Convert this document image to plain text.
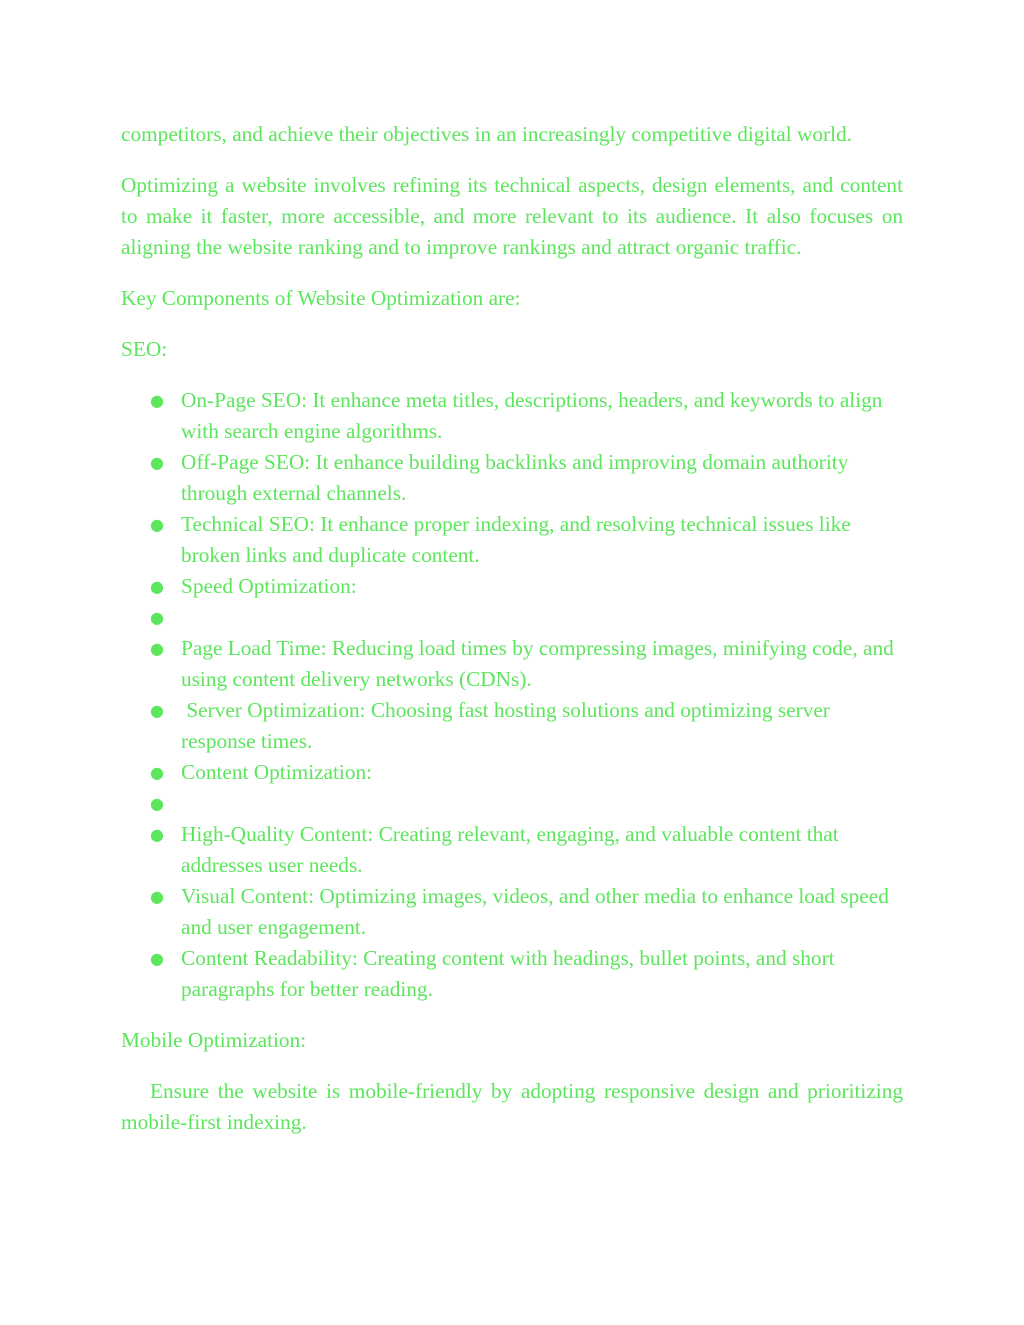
competitors, and achieve their objectives in an increasingly competitive digital world.

Optimizing a website involves refining its technical aspects, design elements, and content to make it faster, more accessible, and more relevant to its audience. It also focuses on aligning the website ranking and to improve rankings and attract organic traffic.

Key Components of Website Optimization are:

SEO:

● On-Page SEO: It enhance meta titles, descriptions, headers, and keywords to align with search engine algorithms.
● Off-Page SEO: It enhance building backlinks and improving domain authority through external channels.
● Technical SEO: It enhance proper indexing, and resolving technical issues like broken links and duplicate content.
● Speed Optimization:
●
● Page Load Time: Reducing load times by compressing images, minifying code, and using content delivery networks (CDNs).
● Server Optimization: Choosing fast hosting solutions and optimizing server response times.
● Content Optimization:
●
● High-Quality Content: Creating relevant, engaging, and valuable content that addresses user needs.
● Visual Content: Optimizing images, videos, and other media to enhance load speed and user engagement.
● Content Readability: Creating content with headings, bullet points, and short paragraphs for better reading.

Mobile Optimization:

Ensure the website is mobile-friendly by adopting responsive design and prioritizing mobile-first indexing.
